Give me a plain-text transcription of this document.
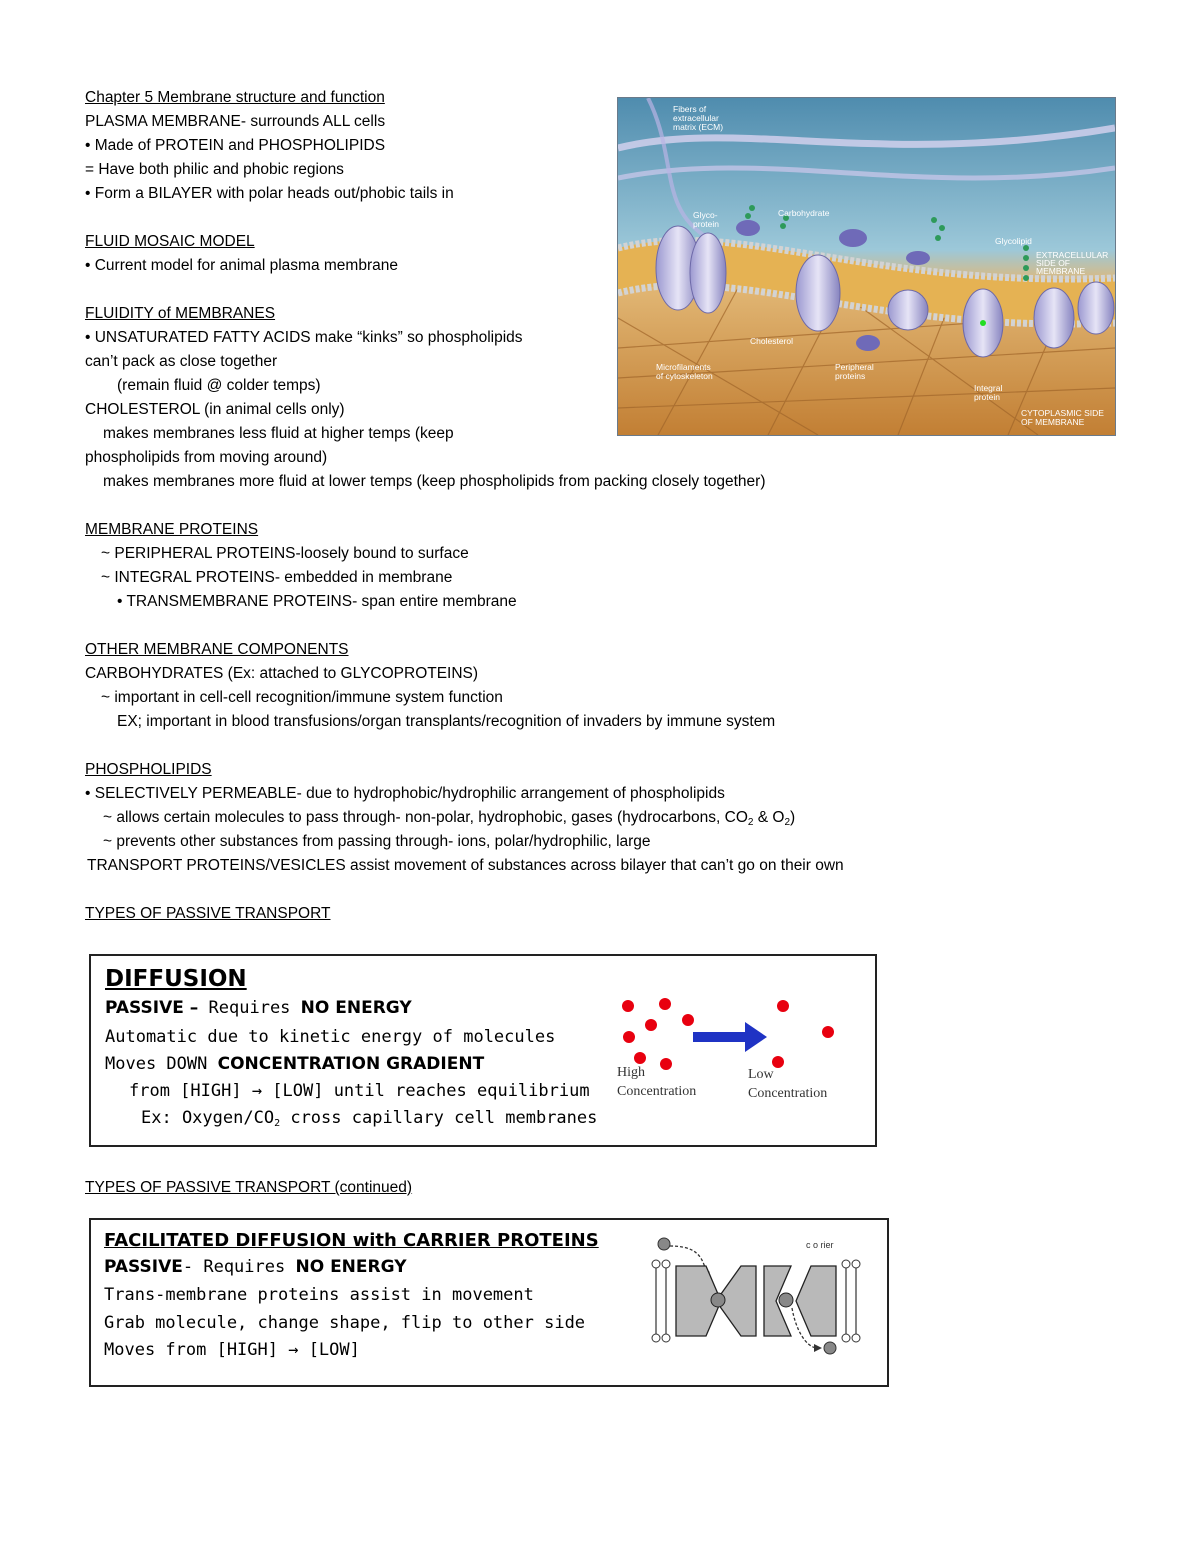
Chapter 5 Membrane structure and function
PLASMA MEMBRANE- surrounds ALL cells
• Made of PROTEIN and PHOSPHOLIPIDS
= Have both philic and phobic regions
• Form a BILAYER with polar heads out/phobic tails in
FLUID MOSAIC MODEL
• Current model for animal plasma membrane
FLUIDITY of MEMBRANES
• UNSATURATED FATTY ACIDS make “kinks” so phospholipids
can’t pack as close together
(remain fluid @ colder temps)
CHOLESTEROL (in animal cells only)
makes membranes less fluid at higher temps (keep
phospholipids from moving around)
makes membranes more fluid at lower temps (keep phospholipids from packing closely together)
MEMBRANE PROTEINS
~ PERIPHERAL PROTEINS-loosely bound to surface
~ INTEGRAL PROTEINS- embedded in membrane
• TRANSMEMBRANE PROTEINS- span entire membrane
OTHER MEMBRANE COMPONENTS
CARBOHYDRATES (Ex: attached to GLYCOPROTEINS)
~ important in cell-cell recognition/immune system function
EX; important in blood transfusions/organ transplants/recognition of invaders by immune system
PHOSPHOLIPIDS
• SELECTIVELY PERMEABLE- due to hydrophobic/hydrophilic arrangement of phospholipids
~ allows certain molecules to pass through- non-polar, hydrophobic, gases (hydrocarbons, $CO_2$ & $O_2$)
~ prevents other substances from passing through- ions, polar/hydrophilic, large
TRANSPORT PROTEINS/VESICLES assist movement of substances across bilayer that can’t go on their own
TYPES OF PASSIVE TRANSPORT
TYPES OF PASSIVE TRANSPORT (continued)
Fibers of
extracellular
matrix (ECM)
Glyco-
protein
Carbohydrate
Glycolipid
EXTRACELLULAR
SIDE OF
MEMBRANE
Cholesterol
Microfilaments
of cytoskeleton
Peripheral
proteins
Integral
protein
CYTOPLASMIC SIDE
OF MEMBRANE
DIFFUSION
PASSIVE – Requires NO ENERGY
Automatic due to kinetic energy of molecules
Moves DOWN CONCENTRATION GRADIENT
from [HIGH] → [LOW] until reaches equilibrium
Ex: Oxygen/$CO_2$ cross capillary cell membranes
High
Concentration
Low
Concentration
FACILITATED DIFFUSION with CARRIER PROTEINS
PASSIVE- Requires NO ENERGY
Trans-membrane proteins assist in movement
Grab molecule, change shape, flip to other side
Moves from [HIGH] → [LOW]
c o rier
